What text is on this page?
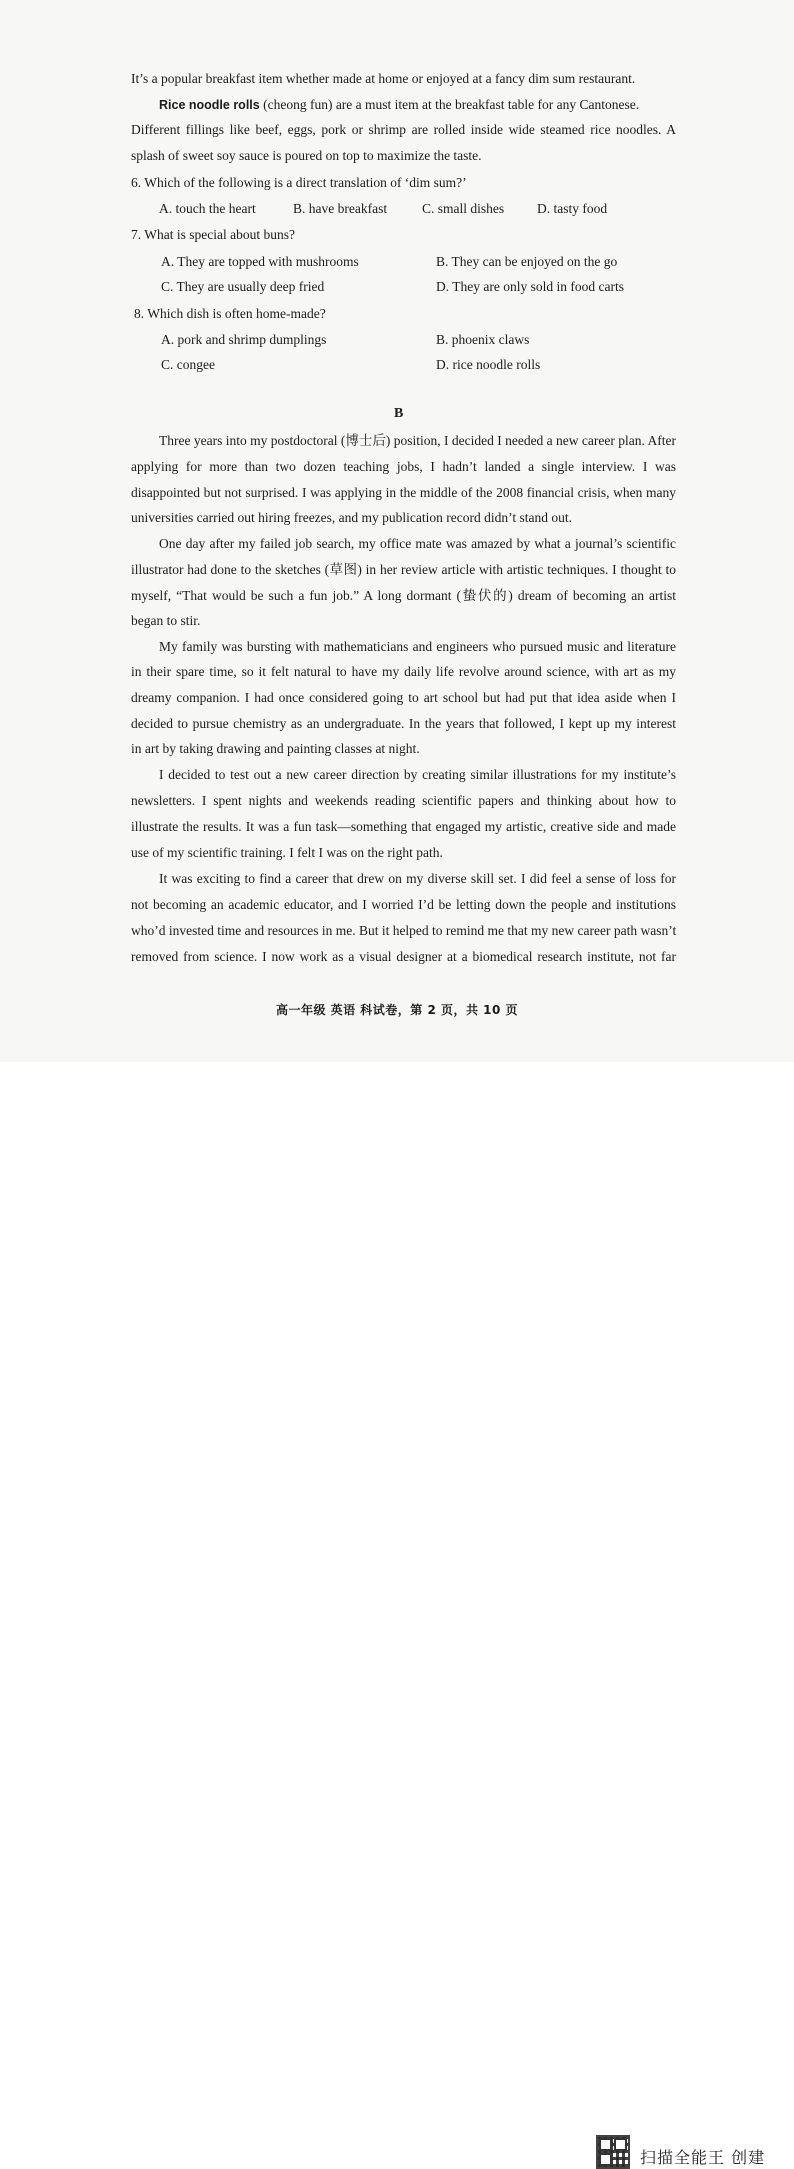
It’s a popular breakfast item whether made at home or enjoyed at a fancy dim sum restaurant.
Rice noodle rolls (cheong fun) are a must item at the breakfast table for any Cantonese.
Different fillings like beef, eggs, pork or shrimp are rolled inside wide steamed rice noodles. A
splash of sweet soy sauce is poured on top to maximize the taste.
6. Which of the following is a direct translation of ‘dim sum?’
A. touch the heart	B. have breakfast	C. small dishes D. tasty food
7. What is special about buns?
A. They are topped with mushrooms	B. They can be enjoyed on the go
C. They are usually deep fried	D. They are only sold in food carts
8. Which dish is often home-made?
A. pork and shrimp dumplings	B. phoenix claws
C. congee	D. rice noodle rolls
B
Three years into my postdoctoral (博士后) position, I decided I needed a new career plan. After
applying for more than two dozen teaching jobs, I hadn’t landed a single interview. I was
disappointed but not surprised. I was applying in the middle of the 2008 financial crisis, when many
universities carried out hiring freezes, and my publication record didn’t stand out.
One day after my failed job search, my office mate was amazed by what a journal’s scientific
illustrator had done to the sketches (草图) in her review article with artistic techniques. I thought to
myself, “That would be such a fun job.” A long dormant (蛰伏的) dream of becoming an artist
began to stir.
My family was bursting with mathematicians and engineers who pursued music and literature
in their spare time, so it felt natural to have my daily life revolve around science, with art as my
dreamy companion. I had once considered going to art school but had put that idea aside when I
decided to pursue chemistry as an undergraduate. In the years that followed, I kept up my interest
in art by taking drawing and painting classes at night.
I decided to test out a new career direction by creating similar illustrations for my institute’s
newsletters. I spent nights and weekends reading scientific papers and thinking about how to
illustrate the results. It was a fun task—something that engaged my artistic, creative side and made
use of my scientific training. I felt I was on the right path.
It was exciting to find a career that drew on my diverse skill set. I did feel a sense of loss for
not becoming an academic educator, and I worried I’d be letting down the people and institutions
who’d invested time and resources in me. But it helped to remind me that my new career path wasn’t
removed from science. I now work as a visual designer at a biomedical research institute, not far
高一年级 英语 科试卷，第 2 页，共 10 页
扫描全能王 创建
